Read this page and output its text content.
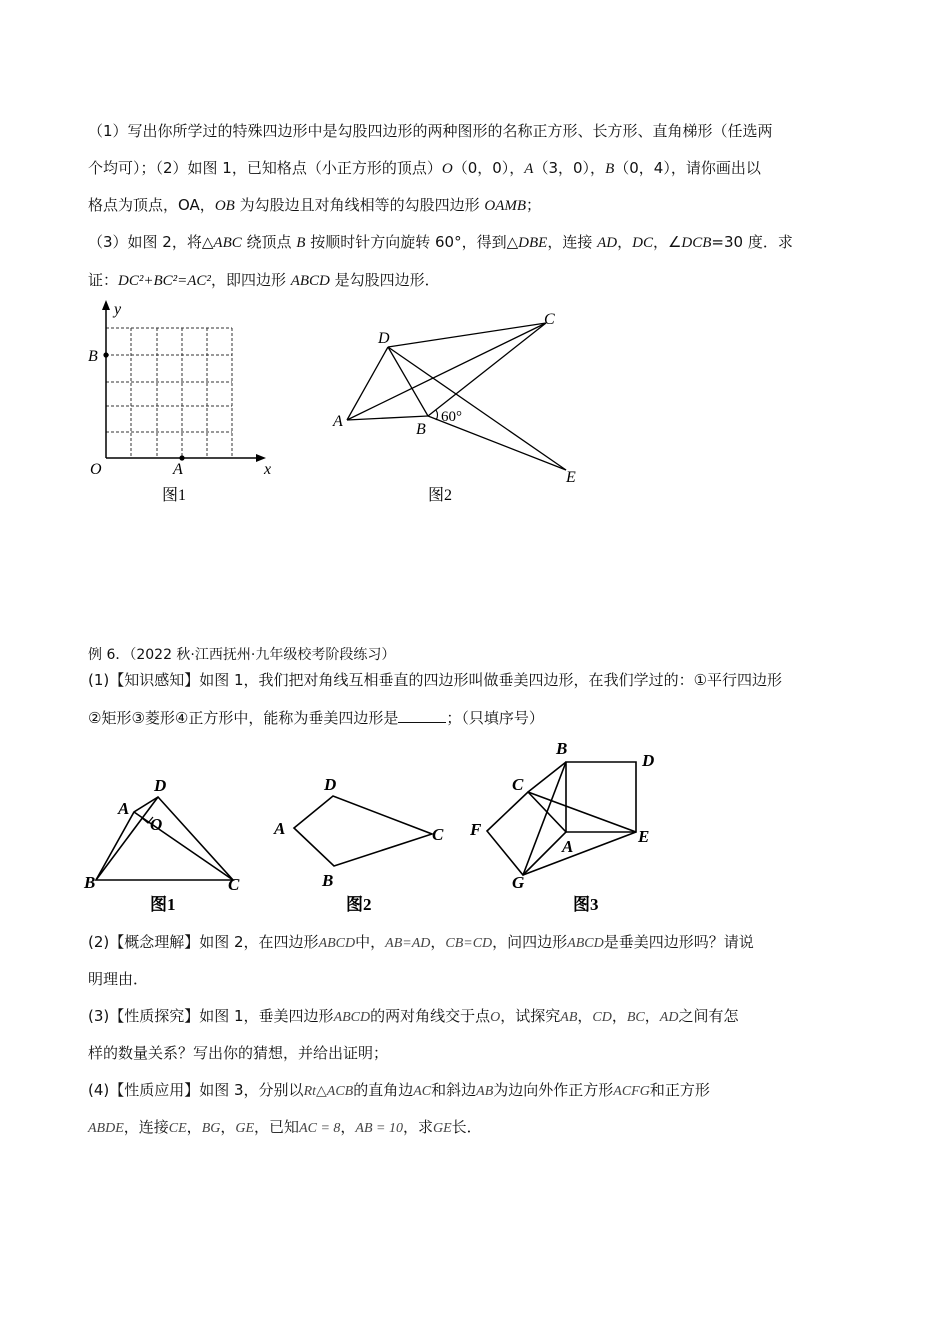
（1）写出你所学过的特殊四边形中是勾股四边形的两种图形的名称正方形、长方形、直角梯形（任选两
个均可）；（2）如图 1，已知格点（小正方形的顶点）O（0，0），A（3，0），B（0，4），请你画出以
格点为顶点，OA，OB 为勾股边且对角线相等的勾股四边形 OAMB；
（3）如图 2，将△ABC 绕顶点 B 按顺时针方向旋转 60°，得到△DBE，连接 AD，DC，∠DCB=30 度．求
证：DC²+BC²=AC²，即四边形 ABCD 是勾股四边形．
y
x
O	A
B
图1
A	B
C
D
E
60°
图2
例 6．（2022 秋·江西抚州·九年级校考阶段练习）
(1)【知识感知】如图 1，我们把对角线互相垂直的四边形叫做垂美四边形，在我们学过的：①平行四边形
②矩形③菱形④正方形中，能称为垂美四边形是	；（只填序号）
A
B	C
D
O
图1
A
B
C
D
图2
A
B
C
D
E
F
G
图3
(2)【概念理解】如图 2，在四边形ABCD中，AB=AD，CB=CD，问四边形ABCD是垂美四边形吗？请说
明理由．
(3)【性质探究】如图 1，垂美四边形ABCD的两对角线交于点O，试探究AB，CD，BC，AD之间有怎
样的数量关系？写出你的猜想，并给出证明；
(4)【性质应用】如图 3，分别以Rt△ACB的直角边AC和斜边AB为边向外作正方形ACFG和正方形
ABDE，连接CE，BG，GE，已知AC = 8，AB = 10，求GE长．
